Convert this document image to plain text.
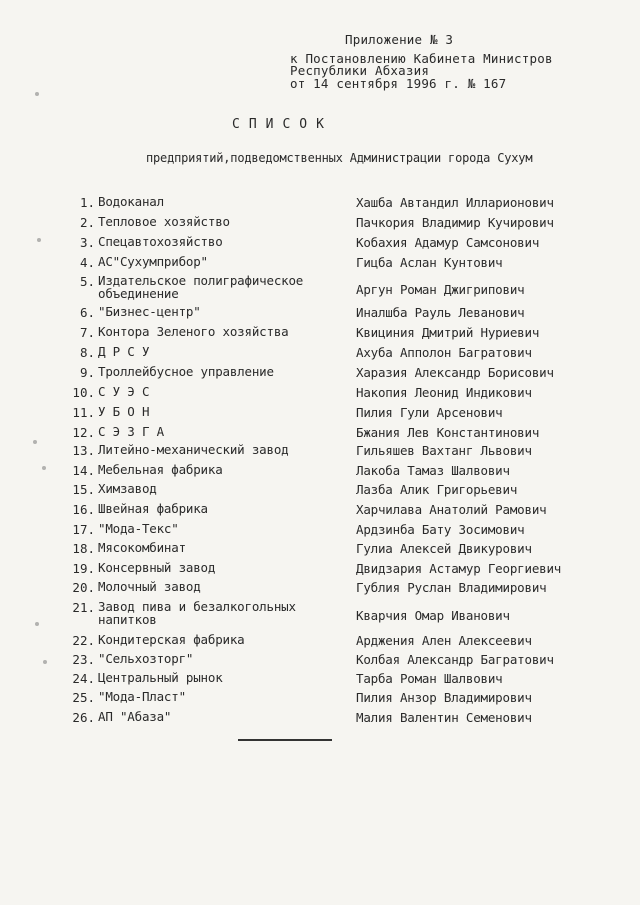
Приложение № 3
к Постановлению Кабинета Министров
Республики Абхазия
от 14 сентября 1996 г. № 167
СПИСОК
предприятий,подведомственных Администрации города Сухум
1. Водоканал	Хашба Автандил Илларионович
2. Тепловое хозяйство	Пачкория Владимир Кучирович
3. Спецавтохозяйство	Кобахия Адамур Самсонович
4. АС"Сухумприбор"	Гицба Аслан Кунтович
5. Издательское полиграфическое объединение	Аргун Роман Джигрипович
6. "Бизнес-центр"	Иналшба Рауль Леванович
7. Контора Зеленого хозяйства	Квициния Дмитрий Нуриевич
8. Д Р С У	Ахуба Апполон Багратович
9. Троллейбусное управление	Харазия Александр Борисович
10. С У Э С	Накопия Леонид Индикович
11. У Б О Н	Пилия Гули Арсенович
12. С Э З Г А	Бжания Лев Константинович
13. Литейно-механический завод	Гильяшев Вахтанг Львович
14. Мебельная фабрика	Лакоба Тамаз Шалвович
15. Химзавод	Лазба Алик Григорьевич
16. Швейная фабрика	Харчилава Анатолий Рамович
17. "Мода-Текс"	Ардзинба Бату Зосимович
18. Мясокомбинат	Гулиа Алексей Двикурович
19. Консервный завод	Двидзария Астамур Георгиевич
20. Молочный завод	Гублия Руслан Владимирович
21. Завод пива и безалкогольных напитков	Кварчия Омар Иванович
22. Кондитерская фабрика	Арджения Ален Алексеевич
23. "Сельхозторг"	Колбая Александр Багратович
24. Центральный рынок	Тарба Роман Шалвович
25. "Мода-Пласт"	Пилия Анзор Владимирович
26. АП "Абаза"	Малия Валентин Семенович
